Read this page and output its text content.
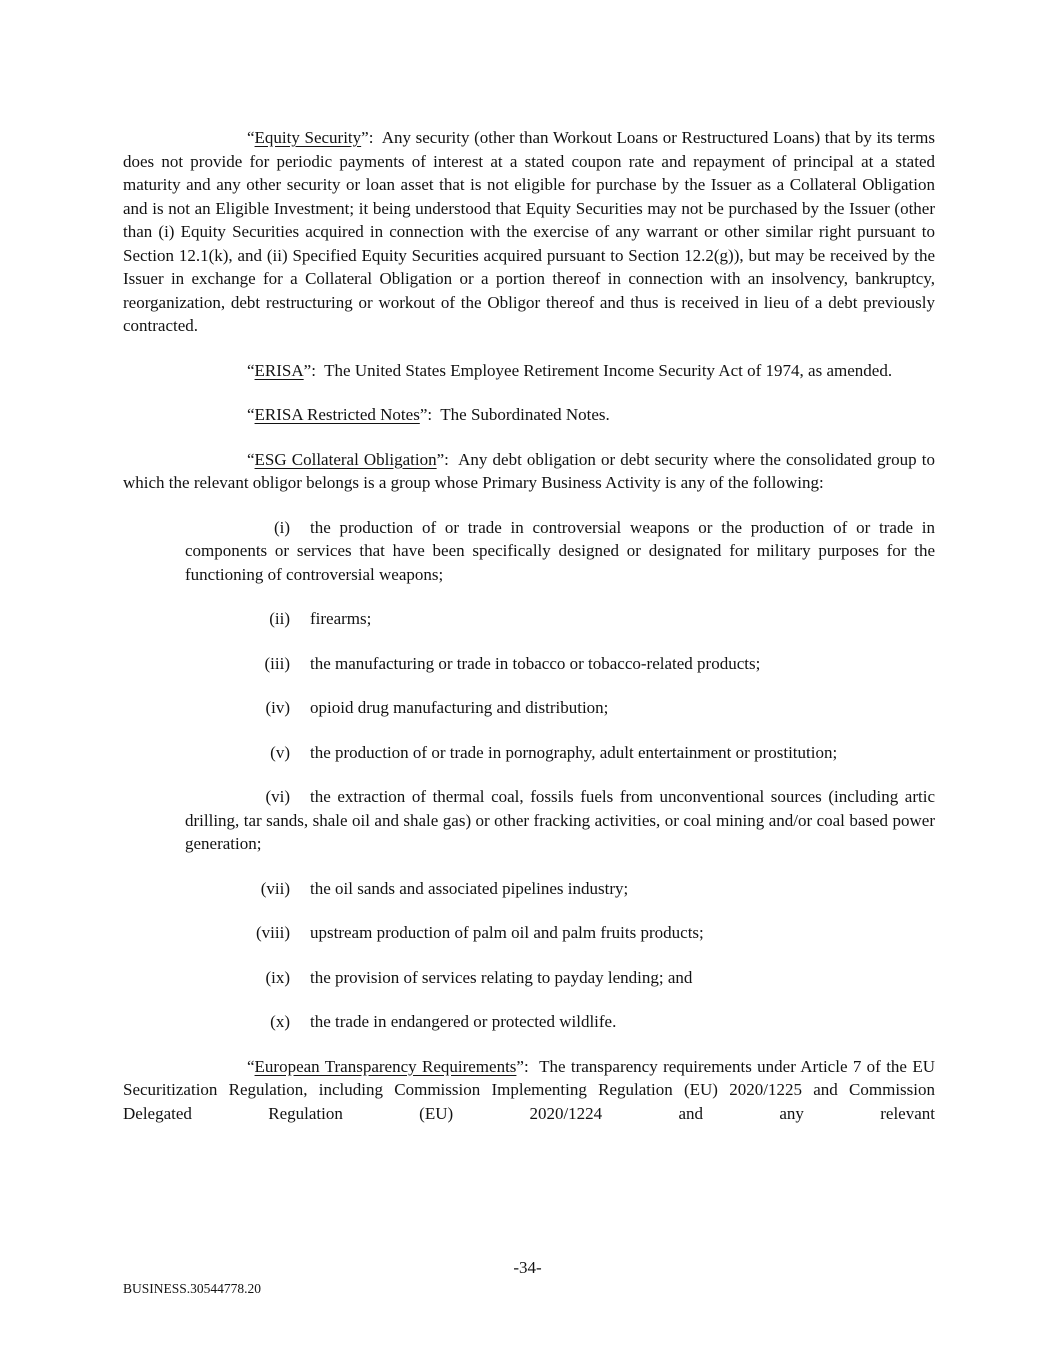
“Equity Security”:  Any security (other than Workout Loans or Restructured Loans) that by its terms does not provide for periodic payments of interest at a stated coupon rate and repayment of principal at a stated maturity and any other security or loan asset that is not eligible for purchase by the Issuer as a Collateral Obligation and is not an Eligible Investment; it being understood that Equity Securities may not be purchased by the Issuer (other than (i) Equity Securities acquired in connection with the exercise of any warrant or other similar right pursuant to Section 12.1(k), and (ii) Specified Equity Securities acquired pursuant to Section 12.2(g)), but may be received by the Issuer in exchange for a Collateral Obligation or a portion thereof in connection with an insolvency, bankruptcy, reorganization, debt restructuring or workout of the Obligor thereof and thus is received in lieu of a debt previously contracted.

“ERISA”:  The United States Employee Retirement Income Security Act of 1974, as amended.

“ERISA Restricted Notes”:  The Subordinated Notes.

“ESG Collateral Obligation”:  Any debt obligation or debt security where the consolidated group to which the relevant obligor belongs is a group whose Primary Business Activity is any of the following:

(i) the production of or trade in controversial weapons or the production of or trade in components or services that have been specifically designed or designated for military purposes for the functioning of controversial weapons;
(ii) firearms;
(iii) the manufacturing or trade in tobacco or tobacco-related products;
(iv) opioid drug manufacturing and distribution;
(v) the production of or trade in pornography, adult entertainment or prostitution;
(vi) the extraction of thermal coal, fossils fuels from unconventional sources (including artic drilling, tar sands, shale oil and shale gas) or other fracking activities, or coal mining and/or coal based power generation;
(vii) the oil sands and associated pipelines industry;
(viii) upstream production of palm oil and palm fruits products;
(ix) the provision of services relating to payday lending; and
(x) the trade in endangered or protected wildlife.

“European Transparency Requirements”:  The transparency requirements under Article 7 of the EU Securitization Regulation, including Commission Implementing Regulation (EU) 2020/1225 and Commission Delegated Regulation (EU) 2020/1224 and any relevant

-34-
BUSINESS.30544778.20
